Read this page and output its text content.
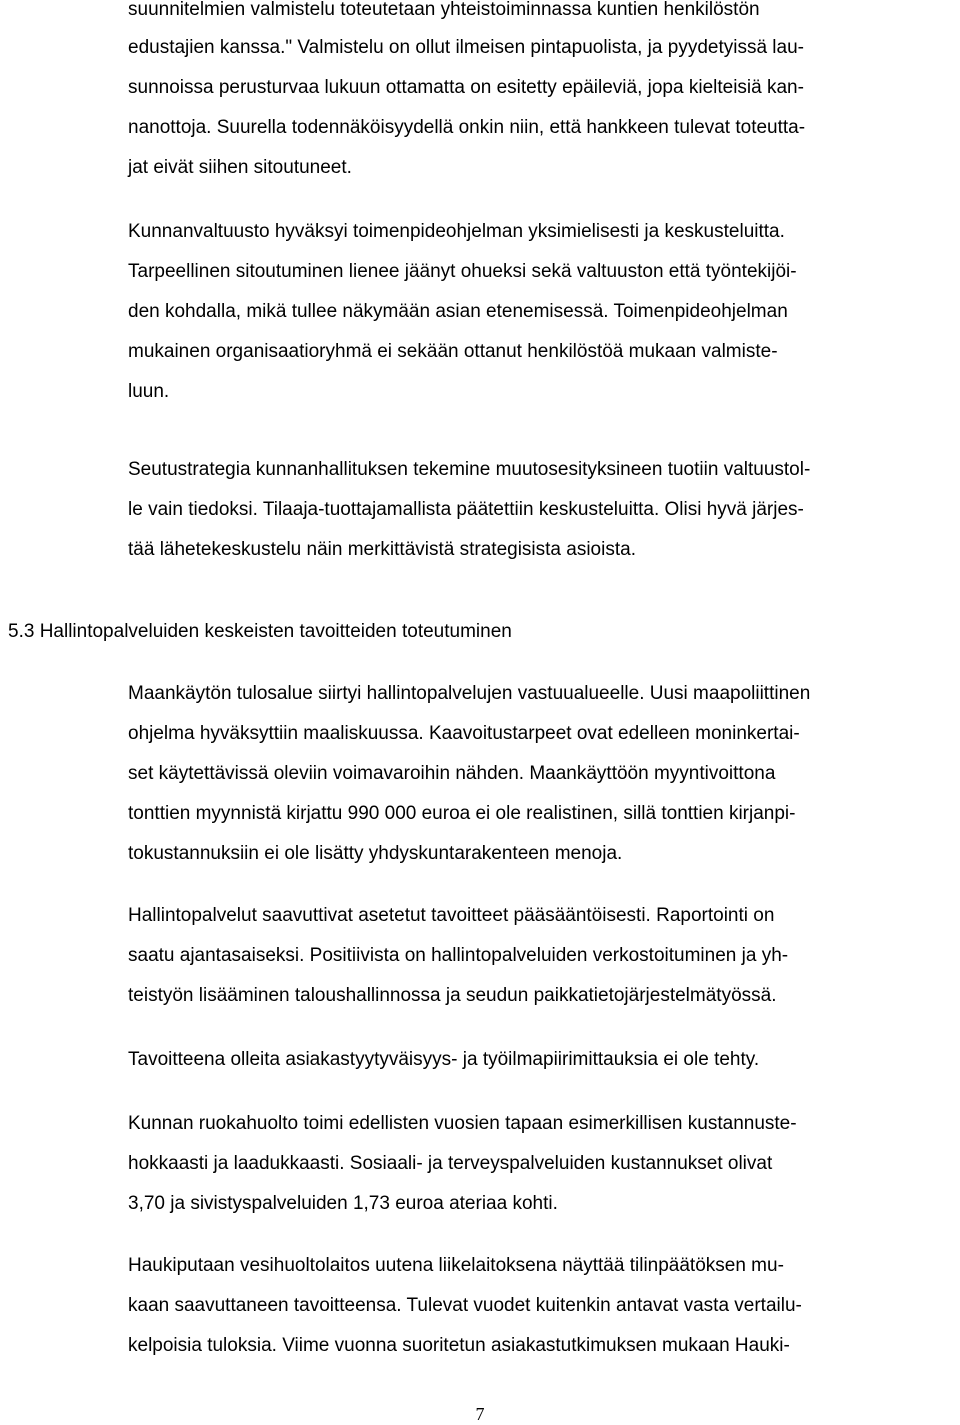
suunnitelmien valmistelu toteutetaan yhteistoiminnassa kuntien henkilöstön

edustajien kanssa." Valmistelu on ollut ilmeisen pintapuolista, ja pyydetyissä lau-

sunnoissa perusturvaa lukuun ottamatta on esitetty epäileviä, jopa kielteisiä kan-

nanottoja. Suurella todennäköisyydellä onkin niin, että hankkeen tulevat toteutta-

jat eivät siihen sitoutuneet.

Kunnanvaltuusto hyväksyi toimenpideohjelman yksimielisesti ja keskusteluitta.

Tarpeellinen sitoutuminen lienee jäänyt ohueksi sekä valtuuston että työntekijöi-

den kohdalla, mikä tullee näkymään asian etenemisessä. Toimenpideohjelman

mukainen organisaatioryhmä ei sekään ottanut henkilöstöä mukaan valmiste-

luun.

Seutustrategia kunnanhallituksen tekemine muutosesityksineen tuotiin valtuustol-

le vain tiedoksi. Tilaaja-tuottajamallista päätettiin keskusteluitta. Olisi hyvä järjes-

tää lähetekeskustelu näin merkittävistä strategisista asioista.

5.3 Hallintopalveluiden keskeisten tavoitteiden toteutuminen

Maankäytön tulosalue siirtyi hallintopalvelujen vastuualueelle. Uusi maapoliittinen

ohjelma hyväksyttiin maaliskuussa. Kaavoitustarpeet ovat edelleen moninkertai-

set käytettävissä oleviin voimavaroihin nähden. Maankäyttöön myyntivoittona

tonttien myynnistä kirjattu 990 000 euroa ei ole realistinen, sillä tonttien kirjanpi-

tokustannuksiin ei ole lisätty yhdyskuntarakenteen menoja.

Hallintopalvelut saavuttivat asetetut tavoitteet pääsääntöisesti. Raportointi on

saatu ajantasaiseksi. Positiivista on hallintopalveluiden verkostoituminen ja yh-

teistyön lisääminen taloushallinnossa ja seudun paikkatietojärjestelmätyössä.

Tavoitteena olleita asiakastyytyväisyys- ja työilmapiirimittauksia ei ole tehty.

Kunnan ruokahuolto toimi edellisten vuosien tapaan esimerkillisen kustannuste-

hokkaasti ja laadukkaasti. Sosiaali- ja terveyspalveluiden kustannukset olivat

3,70 ja sivistyspalveluiden 1,73 euroa ateriaa kohti.

Haukiputaan vesihuoltolaitos uutena liikelaitoksena näyttää tilinpäätöksen mu-

kaan saavuttaneen tavoitteensa. Tulevat vuodet kuitenkin antavat vasta vertailu-

kelpoisia tuloksia. Viime vuonna suoritetun asiakastutkimuksen mukaan Hauki-

7
